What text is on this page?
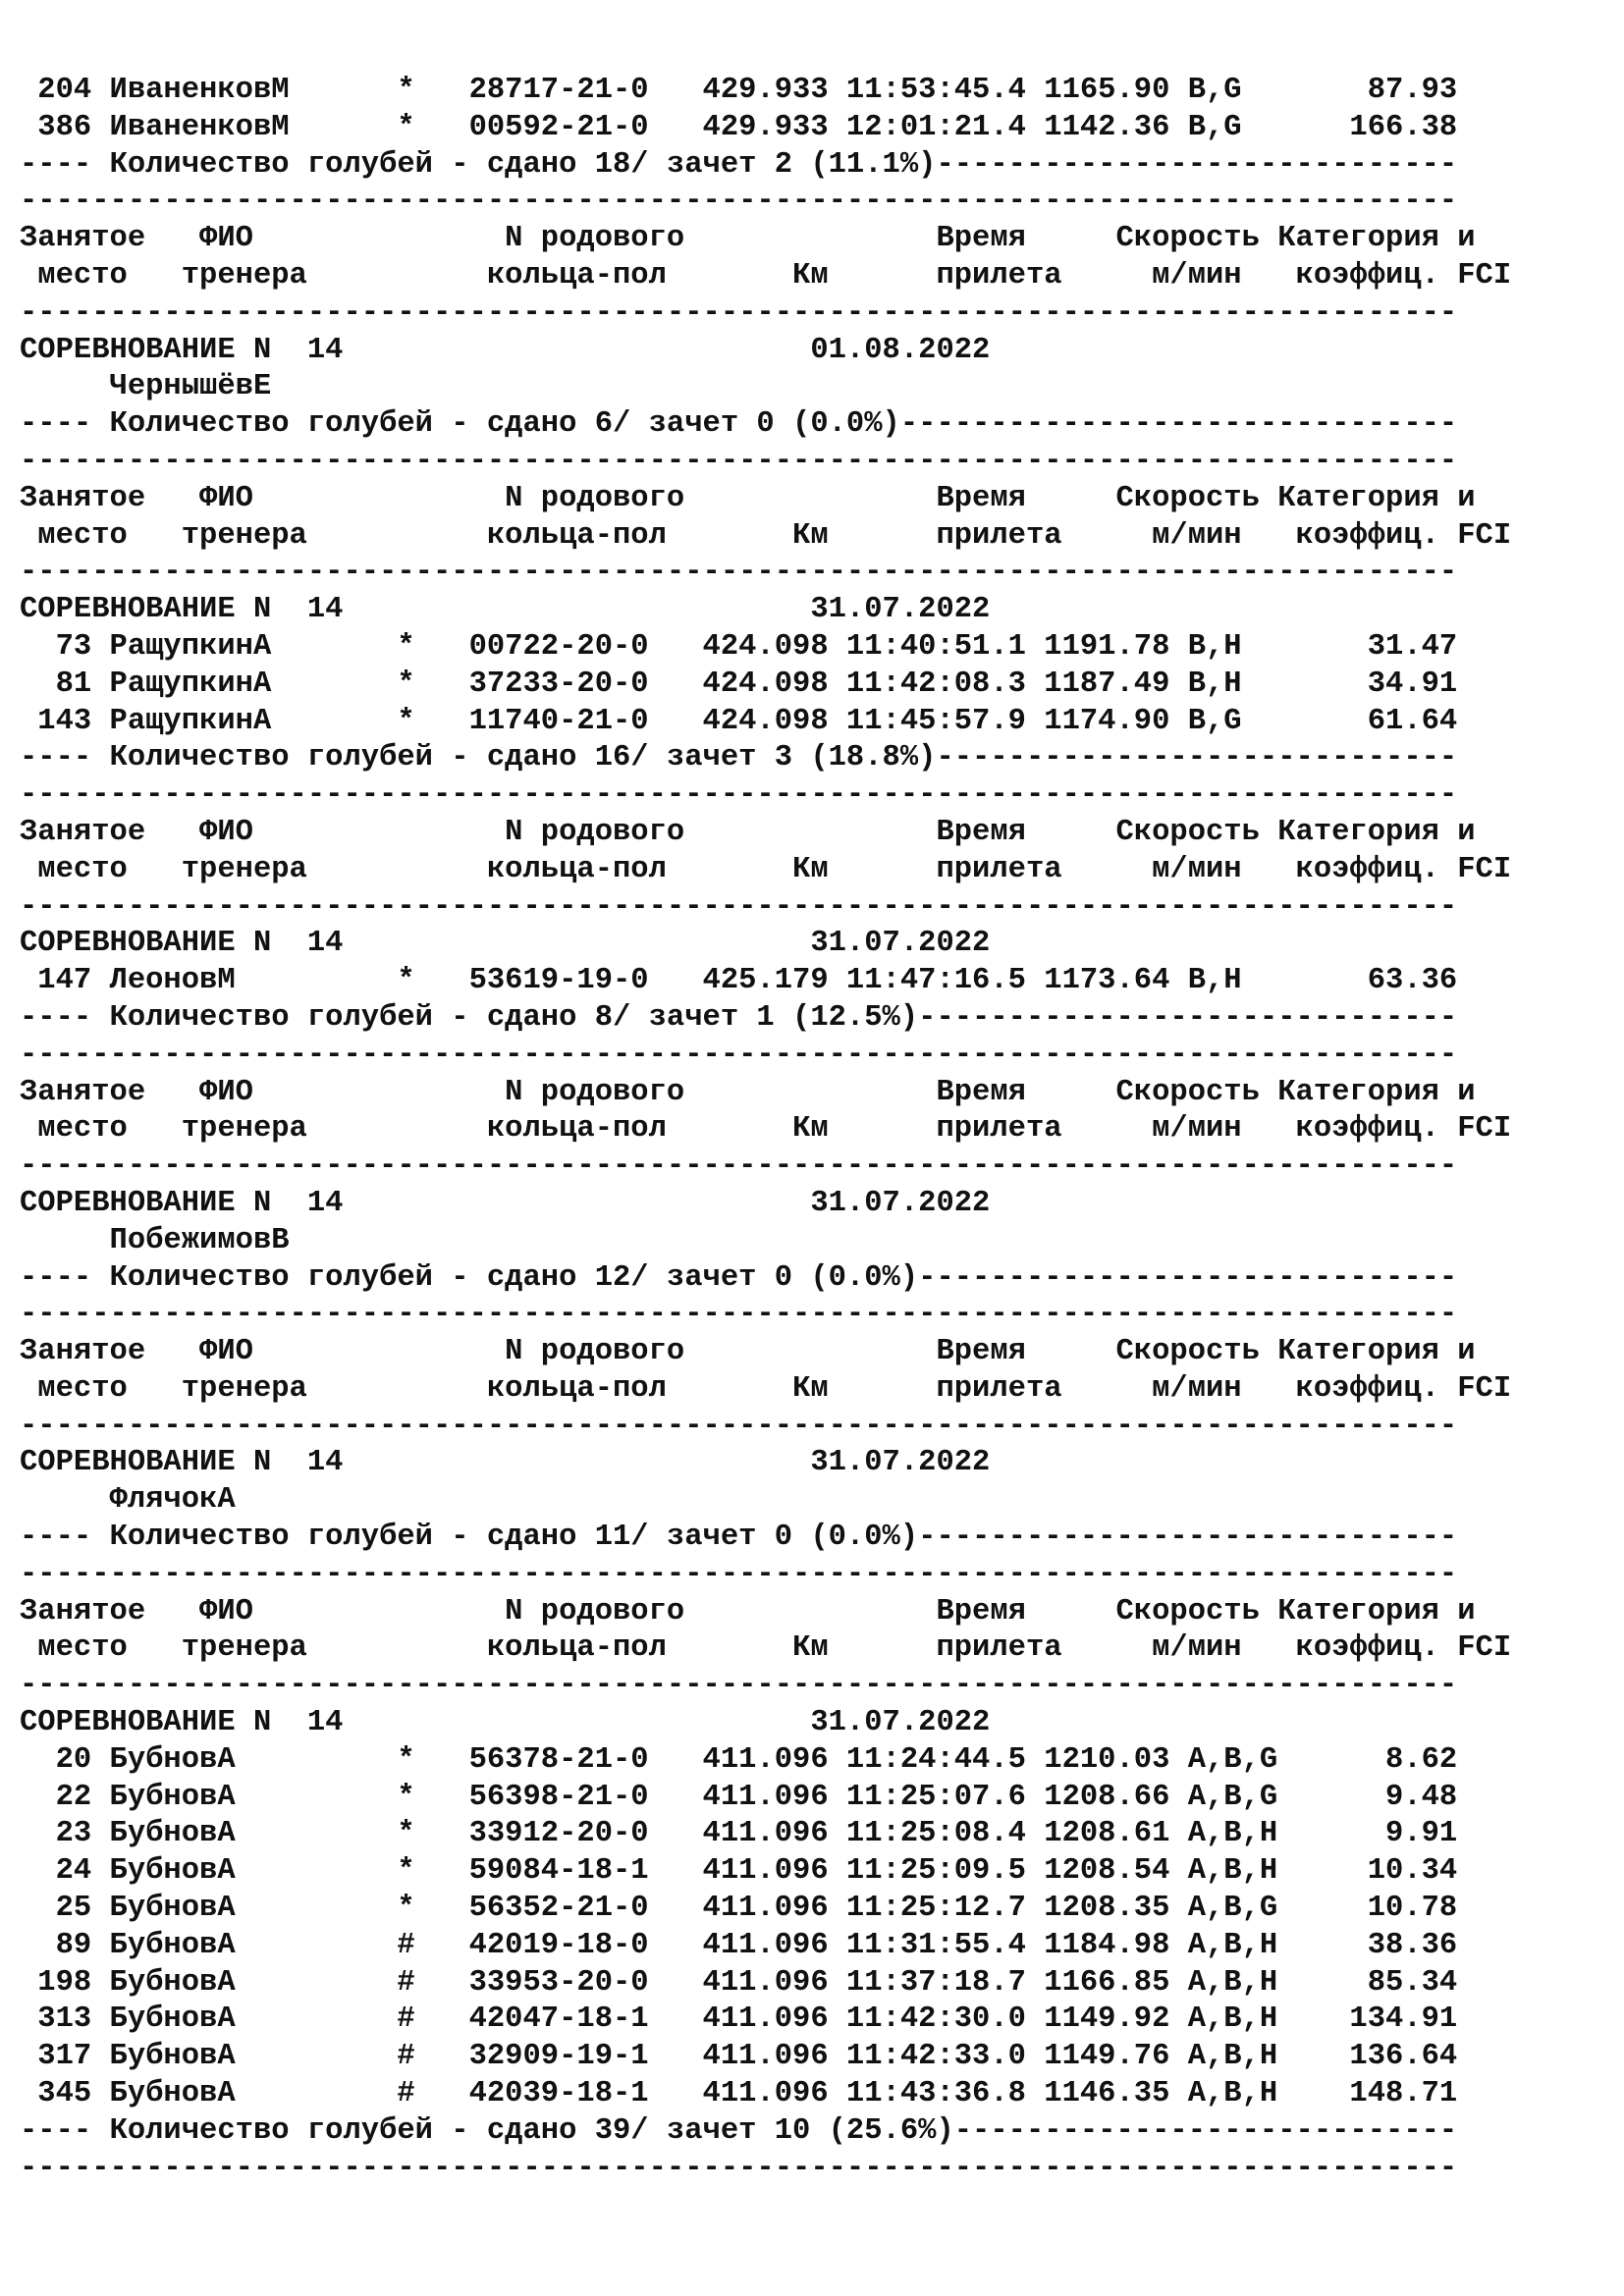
204 ИваненковМ      *   28717-21-0   429.933 11:53:45.4 1165.90 B,G       87.93
386 ИваненковМ      *   00592-21-0   429.933 12:01:21.4 1142.36 B,G      166.38
---- Количество голубей - сдано 18/ зачет 2 (11.1%)-----------------------------
--------------------------------------------------------------------------------
Занятое   ФИО              N родового              Время     Скорость Категория и
место   тренера          кольца-пол       Км      прилета     м/мин   коэффиц. FCI
--------------------------------------------------------------------------------
СОРЕВНОВАНИЕ N  14                          01.08.2022
ЧернышёвЕ
---- Количество голубей - сдано 6/ зачет 0 (0.0%)-------------------------------
--------------------------------------------------------------------------------
Занятое   ФИО              N родового              Время     Скорость Категория и
место   тренера          кольца-пол       Км      прилета     м/мин   коэффиц. FCI
--------------------------------------------------------------------------------
СОРЕВНОВАНИЕ N  14                          31.07.2022
73 РащупкинА       *   00722-20-0   424.098 11:40:51.1 1191.78 B,H       31.47
81 РащупкинА       *   37233-20-0   424.098 11:42:08.3 1187.49 B,H       34.91
143 РащупкинА       *   11740-21-0   424.098 11:45:57.9 1174.90 B,G       61.64
---- Количество голубей - сдано 16/ зачет 3 (18.8%)-----------------------------
--------------------------------------------------------------------------------
Занятое   ФИО              N родового              Время     Скорость Категория и
место   тренера          кольца-пол       Км      прилета     м/мин   коэффиц. FCI
--------------------------------------------------------------------------------
СОРЕВНОВАНИЕ N  14                          31.07.2022
147 ЛеоновМ         *   53619-19-0   425.179 11:47:16.5 1173.64 B,H       63.36
---- Количество голубей - сдано 8/ зачет 1 (12.5%)------------------------------
--------------------------------------------------------------------------------
Занятое   ФИО              N родового              Время     Скорость Категория и
место   тренера          кольца-пол       Км      прилета     м/мин   коэффиц. FCI
--------------------------------------------------------------------------------
СОРЕВНОВАНИЕ N  14                          31.07.2022
ПобежимовВ
---- Количество голубей - сдано 12/ зачет 0 (0.0%)------------------------------
--------------------------------------------------------------------------------
Занятое   ФИО              N родового              Время     Скорость Категория и
место   тренера          кольца-пол       Км      прилета     м/мин   коэффиц. FCI
--------------------------------------------------------------------------------
СОРЕВНОВАНИЕ N  14                          31.07.2022
ФлячокА
---- Количество голубей - сдано 11/ зачет 0 (0.0%)------------------------------
--------------------------------------------------------------------------------
Занятое   ФИО              N родового              Время     Скорость Категория и
место   тренера          кольца-пол       Км      прилета     м/мин   коэффиц. FCI
--------------------------------------------------------------------------------
СОРЕВНОВАНИЕ N  14                          31.07.2022
20 БубновА         *   56378-21-0   411.096 11:24:44.5 1210.03 A,B,G      8.62
22 БубновА         *   56398-21-0   411.096 11:25:07.6 1208.66 A,B,G      9.48
23 БубновА         *   33912-20-0   411.096 11:25:08.4 1208.61 A,B,H      9.91
24 БубновА         *   59084-18-1   411.096 11:25:09.5 1208.54 A,B,H     10.34
25 БубновА         *   56352-21-0   411.096 11:25:12.7 1208.35 A,B,G     10.78
89 БубновА         #   42019-18-0   411.096 11:31:55.4 1184.98 A,B,H     38.36
198 БубновА         #   33953-20-0   411.096 11:37:18.7 1166.85 A,B,H     85.34
313 БубновА         #   42047-18-1   411.096 11:42:30.0 1149.92 A,B,H    134.91
317 БубновА         #   32909-19-1   411.096 11:42:33.0 1149.76 A,B,H    136.64
345 БубновА         #   42039-18-1   411.096 11:43:36.8 1146.35 A,B,H    148.71
---- Количество голубей - сдано 39/ зачет 10 (25.6%)----------------------------
--------------------------------------------------------------------------------
